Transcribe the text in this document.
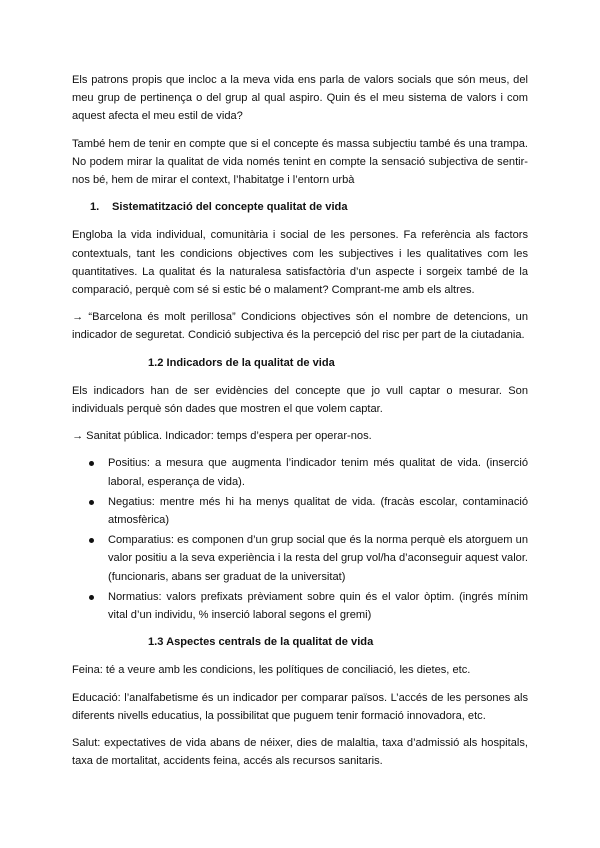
Els patrons propis que incloc a la meva vida ens parla de valors socials que són meus, del meu grup de pertinença o del grup al qual aspiro. Quin és el meu sistema de valors i com aquest afecta el meu estil de vida?

També hem de tenir en compte que si el concepte és massa subjectiu també és una trampa. No podem mirar la qualitat de vida només tenint en compte la sensació subjectiva de sentir-nos bé, hem de mirar el context, l’habitatge i l’entorn urbà

1. Sistematització del concepte qualitat de vida

Engloba la vida individual, comunitària i social de les persones. Fa referència als factors contextuals, tant les condicions objectives com les subjectives i les qualitatives com les quantitatives. La qualitat és la naturalesa satisfactòria d’un aspecte i sorgeix també de la comparació, perquè com sé si estic bé o malament? Comprant-me amb els altres.

→ “Barcelona és molt perillosa” Condicions objectives són el nombre de detencions, un indicador de seguretat. Condició subjectiva és la percepció del risc per part de la ciutadania.

1.2 Indicadors de la qualitat de vida

Els indicadors han de ser evidències del concepte que jo vull captar o mesurar. Son individuals perquè són dades que mostren el que volem captar.

→ Sanitat pública. Indicador: temps d’espera per operar-nos.

Positius: a mesura que augmenta l’indicador tenim més qualitat de vida. (inserció laboral, esperança de vida).
Negatius: mentre més hi ha menys qualitat de vida. (fracàs escolar, contaminació atmosfèrica)
Comparatius: es componen d’un grup social que és la norma perquè els atorguem un valor positiu a la seva experiència i la resta del grup vol/ha d’aconseguir aquest valor. (funcionaris, abans ser graduat de la universitat)
Normatius: valors prefixats prèviament sobre quin és el valor òptim. (ingrés mínim vital d’un individu, % inserció laboral segons el gremi)
1.3 Aspectes centrals de la qualitat de vida

Feina: té a veure amb les condicions, les polítiques de conciliació, les dietes, etc.

Educació: l’analfabetisme és un indicador per comparar països. L’accés de les persones als diferents nivells educatius, la possibilitat que puguem tenir formació innovadora, etc.

Salut: expectatives de vida abans de néixer, dies de malaltia, taxa d’admissió als hospitals, taxa de mortalitat, accidents feina, accés als recursos sanitaris.
